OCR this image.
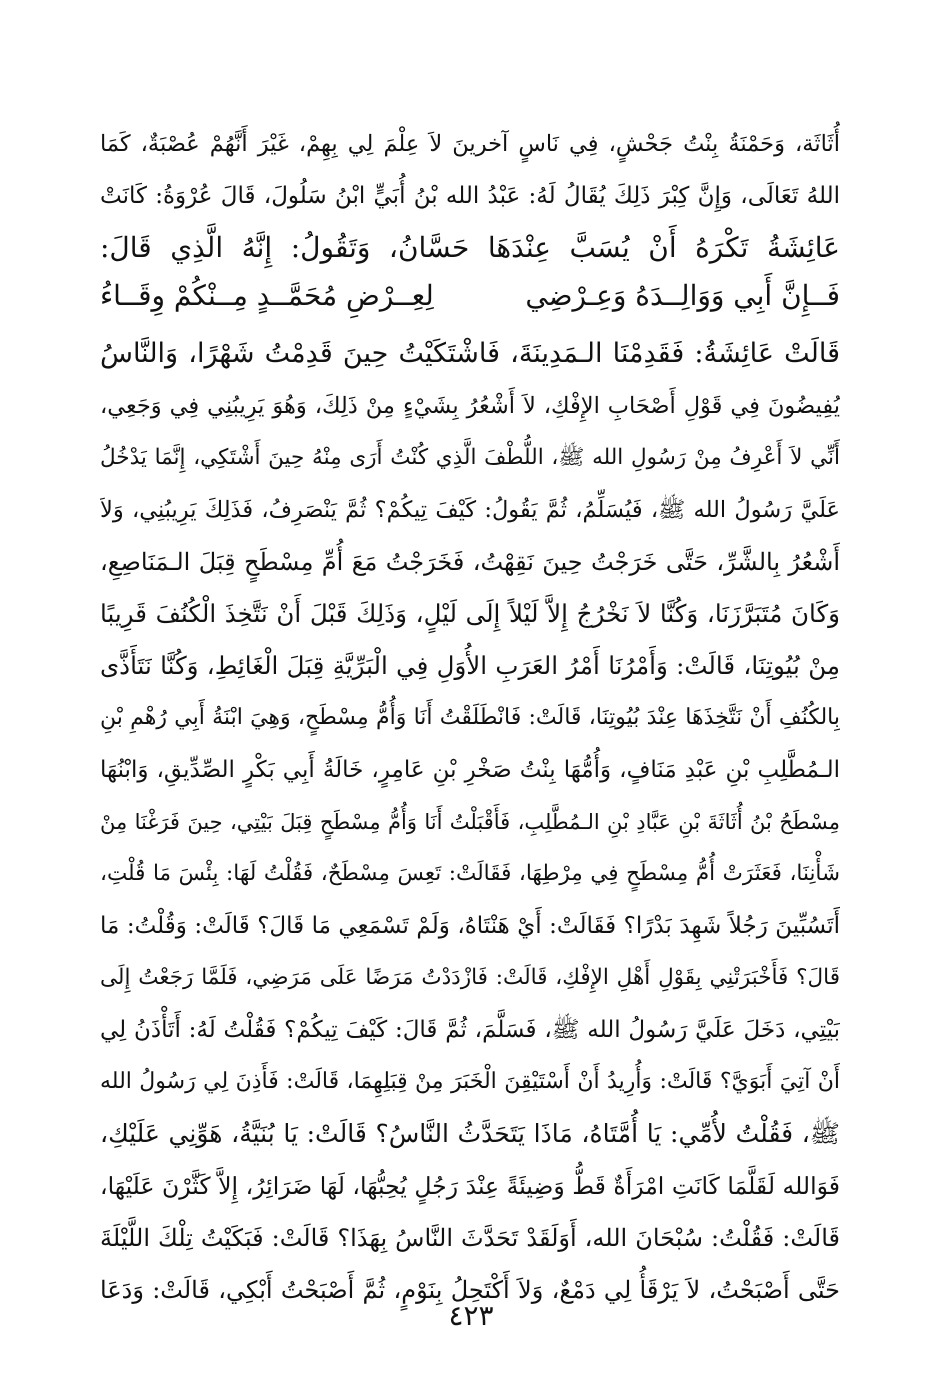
أُثَاثَة، وَحَمْنَةُ بِنْتُ جَحْشٍ، فِي نَاسٍ آخرينَ لاَ عِلْمَ لِي بِهِمْ، غَيْرَ أَنَّهُمْ عُصْبَةٌ، كَمَا
اللهُ تَعَالَى، وَإِنَّ كِبْرَ ذَلِكَ يُقَالُ لَهُ: عَبْدُ الله بْنُ أُبَيٍّ ابْنُ سَلُولَ، قَالَ عُرْوَةُ: كَانَتْ
عَائِشَةُ تَكْرَهُ أَنْ يُسَبَّ عِنْدَهَا حَسَّانُ، وَتَقُولُ: إِنَّهُ الَّذِي قَالَ:
فَــإِنَّ أَبِي وَوَالِــدَهُ وَعِـرْضِي
لِعِــرْضِ مُحَمَّــدٍ مِــنْكُمْ وِقَــاءُ
قَالَتْ عَائِشَةُ: فَقَدِمْنَا الـمَدِينَةَ، فَاشْتَكَيْتُ حِينَ قَدِمْتُ شَهْرًا، وَالنَّاسُ
يُفِيضُونَ فِي قَوْلِ أَصْحَابِ الإِفْكِ، لاَ أَشْعُرُ بِشَيْءٍ مِنْ ذَلِكَ، وَهُوَ يَرِيبُنِي فِي وَجَعِي،
أَنِّي لاَ أَعْرِفُ مِنْ رَسُولِ الله ﷺ، اللُّطْفَ الَّذِي كُنْتُ أَرَى مِنْهُ حِينَ أَشْتَكِي، إِنَّمَا يَدْخُلُ
عَلَيَّ رَسُولُ الله ﷺ، فَيُسَلِّمُ، ثُمَّ يَقُولُ: كَيْفَ تِيكُمْ؟ ثُمَّ يَنْصَرِفُ، فَذَلِكَ يَرِيبُنِي، وَلاَ
أَشْعُرُ بِالشَّرِّ، حَتَّى خَرَجْتُ حِينَ نَقِهْتُ، فَخَرَجْتُ مَعَ أُمِّ مِسْطَحٍ قِبَلَ الـمَنَاصِعِ،
وَكَانَ مُتَبَرَّزَنَا، وَكُنَّا لاَ نَخْرُجُ إِلاَّ لَيْلاً إِلَى لَيْلٍ، وَذَلِكَ قَبْلَ أَنْ نَتَّخِذَ الْكُنُفَ قَرِيبًا
مِنْ بُيُوتِنَا، قَالَتْ: وَأَمْرُنَا أَمْرُ العَرَبِ الأُوَلِ فِي الْبَرِّيَّةِ قِبَلَ الْغَائِطِ، وَكُنَّا نَتَأَذَّى
بِالكُنُفِ أَنْ نَتَّخِذَهَا عِنْدَ بُيُوتِنَا، قَالَتْ: فَانْطَلَقْتُ أَنَا وَأُمُّ مِسْطَحٍ، وَهِيَ ابْنَةُ أَبِي رُهْمِ بْنِ
الـمُطَّلِبِ بْنِ عَبْدِ مَنَافٍ، وَأُمُّهَا بِنْتُ صَخْرِ بْنِ عَامِرٍ، خَالَةُ أَبِي بَكْرٍ الصِّدِّيقِ، وَابْنُهَا
مِسْطَحُ بْنُ أُثَاثَةَ بْنِ عَبَّادِ بْنِ الـمُطَّلِبِ، فَأَقْبَلْتُ أَنَا وَأُمُّ مِسْطَحٍ قِبَلَ بَيْتِي، حِينَ فَرَغْنَا مِنْ
شَأْنِنَا، فَعَثَرَتْ أُمُّ مِسْطَحٍ فِي مِرْطِهَا، فَقَالَتْ: تَعِسَ مِسْطَحٌ، فَقُلْتُ لَهَا: بِئْسَ مَا قُلْتِ،
أَتَسُبِّينَ رَجُلاً شَهِدَ بَدْرًا؟ فَقَالَتْ: أَيْ هَنْتَاهُ، وَلَمْ تَسْمَعِي مَا قَالَ؟ قَالَتْ: وَقُلْتُ: مَا
قَالَ؟ فَأَخْبَرَتْنِي بِقَوْلِ أَهْلِ الإِفْكِ، قَالَتْ: فَازْدَدْتُ مَرَضًا عَلَى مَرَضِي، فَلَمَّا رَجَعْتُ إِلَى
بَيْتِي، دَخَلَ عَلَيَّ رَسُولُ الله ﷺ، فَسَلَّمَ، ثُمَّ قَالَ: كَيْفَ تِيكُمْ؟ فَقُلْتُ لَهُ: أَتَأْذَنُ لِي
أَنْ آتِيَ أَبَوَيَّ؟ قَالَتْ: وَأُرِيدُ أَنْ أَسْتَيْقِنَ الْخَبَرَ مِنْ قِبَلِهِمَا، قَالَتْ: فَأَذِنَ لِي رَسُولُ الله
ﷺ، فَقُلْتُ لأُمِّي: يَا أُمَّتَاهُ، مَاذَا يَتَحَدَّثُ النَّاسُ؟ قَالَتْ: يَا بُنَيَّةُ، هَوِّنِي عَلَيْكِ،
فَوَالله لَقَلَّمَا كَانَتِ امْرَأَةٌ قَطُّ وَضِيئَةً عِنْدَ رَجُلٍ يُحِبُّهَا، لَهَا ضَرَائِرُ، إِلاَّ كَثَّرْنَ عَلَيْهَا،
قَالَتْ: فَقُلْتُ: سُبْحَانَ الله، أَوَلَقَدْ تَحَدَّثَ النَّاسُ بِهَذَا؟ قَالَتْ: فَبَكَيْتُ تِلْكَ اللَّيْلَةَ
حَتَّى أَصْبَحْتُ، لاَ يَرْقَأُ لِي دَمْعٌ، وَلاَ أَكْتَحِلُ بِنَوْمٍ، ثُمَّ أَصْبَحْتُ أَبْكِي، قَالَتْ: وَدَعَا
٤٢٣
